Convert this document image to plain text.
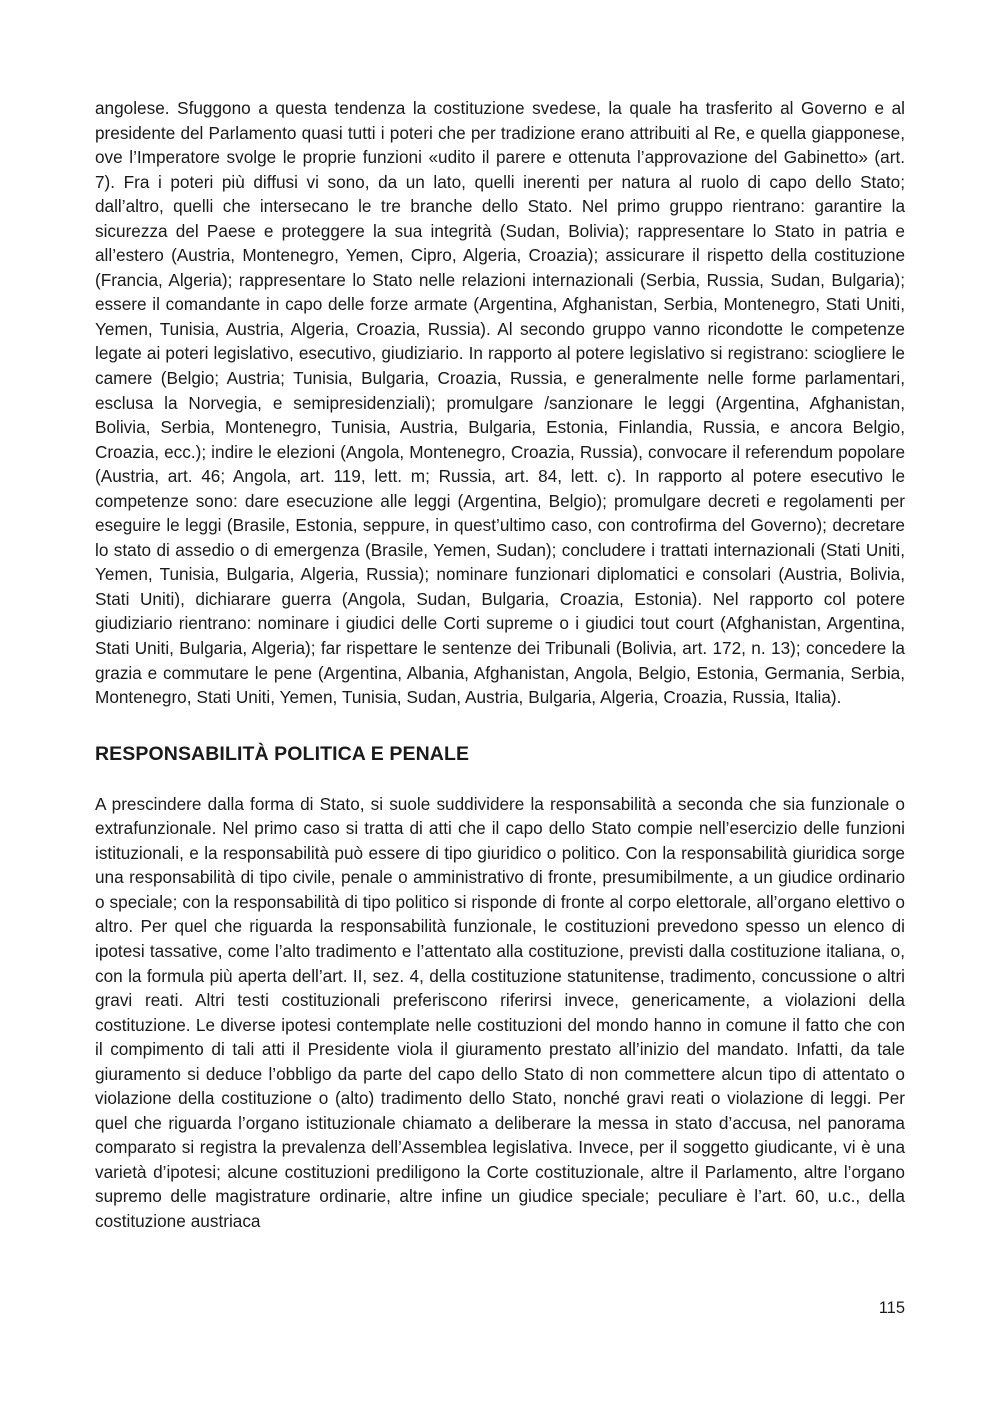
angolese. Sfuggono a questa tendenza la costituzione svedese, la quale ha trasferito al Governo e al presidente del Parlamento quasi tutti i poteri che per tradizione erano attribuiti al Re, e quella giapponese, ove l’Imperatore svolge le proprie funzioni «udito il parere e ottenuta l’approvazione del Gabinetto» (art. 7). Fra i poteri più diffusi vi sono, da un lato, quelli inerenti per natura al ruolo di capo dello Stato; dall’altro, quelli che intersecano le tre branche dello Stato. Nel primo gruppo rientrano: garantire la sicurezza del Paese e proteggere la sua integrità (Sudan, Bolivia); rappresentare lo Stato in patria e all’estero (Austria, Montenegro, Yemen, Cipro, Algeria, Croazia); assicurare il rispetto della costituzione (Francia, Algeria); rappresentare lo Stato nelle relazioni internazionali (Serbia, Russia, Sudan, Bulgaria); essere il comandante in capo delle forze armate (Argentina, Afghanistan, Serbia, Montenegro, Stati Uniti, Yemen, Tunisia, Austria, Algeria, Croazia, Russia). Al secondo gruppo vanno ricondotte le competenze legate ai poteri legislativo, esecutivo, giudiziario. In rapporto al potere legislativo si registrano: sciogliere le camere (Belgio; Austria; Tunisia, Bulgaria, Croazia, Russia, e generalmente nelle forme parlamentari, esclusa la Norvegia, e semipresidenziali); promulgare /sanzionare le leggi (Argentina, Afghanistan, Bolivia, Serbia, Montenegro, Tunisia, Austria, Bulgaria, Estonia, Finlandia, Russia, e ancora Belgio, Croazia, ecc.); indire le elezioni (Angola, Montenegro, Croazia, Russia), convocare il referendum popolare (Austria, art. 46; Angola, art. 119, lett. m; Russia, art. 84, lett. c). In rapporto al potere esecutivo le competenze sono: dare esecuzione alle leggi (Argentina, Belgio); promulgare decreti e regolamenti per eseguire le leggi (Brasile, Estonia, seppure, in quest’ultimo caso, con controfirma del Governo); decretare lo stato di assedio o di emergenza (Brasile, Yemen, Sudan); concludere i trattati internazionali (Stati Uniti, Yemen, Tunisia, Bulgaria, Algeria, Russia); nominare funzionari diplomatici e consolari (Austria, Bolivia, Stati Uniti), dichiarare guerra (Angola, Sudan, Bulgaria, Croazia, Estonia). Nel rapporto col potere giudiziario rientrano: nominare i giudici delle Corti supreme o i giudici tout court (Afghanistan, Argentina, Stati Uniti, Bulgaria, Algeria); far rispettare le sentenze dei Tribunali (Bolivia, art. 172, n. 13); concedere la grazia e commutare le pene (Argentina, Albania, Afghanistan, Angola, Belgio, Estonia, Germania, Serbia, Montenegro, Stati Uniti, Yemen, Tunisia, Sudan, Austria, Bulgaria, Algeria, Croazia, Russia, Italia).

RESPONSABILITÀ POLITICA E PENALE

A prescindere dalla forma di Stato, si suole suddividere la responsabilità a seconda che sia funzionale o extrafunzionale. Nel primo caso si tratta di atti che il capo dello Stato compie nell’esercizio delle funzioni istituzionali, e la responsabilità può essere di tipo giuridico o politico. Con la responsabilità giuridica sorge una responsabilità di tipo civile, penale o amministrativo di fronte, presumibilmente, a un giudice ordinario o speciale; con la responsabilità di tipo politico si risponde di fronte al corpo elettorale, all’organo elettivo o altro. Per quel che riguarda la responsabilità funzionale, le costituzioni prevedono spesso un elenco di ipotesi tassative, come l’alto tradimento e l’attentato alla costituzione, previsti dalla costituzione italiana, o, con la formula più aperta dell’art. II, sez. 4, della costituzione statunitense, tradimento, concussione o altri gravi reati. Altri testi costituzionali preferiscono riferirsi invece, genericamente, a violazioni della costituzione. Le diverse ipotesi contemplate nelle costituzioni del mondo hanno in comune il fatto che con il compimento di tali atti il Presidente viola il giuramento prestato all’inizio del mandato. Infatti, da tale giuramento si deduce l’obbligo da parte del capo dello Stato di non commettere alcun tipo di attentato o violazione della costituzione o (alto) tradimento dello Stato, nonché gravi reati o violazione di leggi. Per quel che riguarda l’organo istituzionale chiamato a deliberare la messa in stato d’accusa, nel panorama comparato si registra la prevalenza dell’Assemblea legislativa. Invece, per il soggetto giudicante, vi è una varietà d’ipotesi; alcune costituzioni prediligono la Corte costituzionale, altre il Parlamento, altre l’organo supremo delle magistrature ordinarie, altre infine un giudice speciale; peculiare è l’art. 60, u.c., della costituzione austriaca

115
